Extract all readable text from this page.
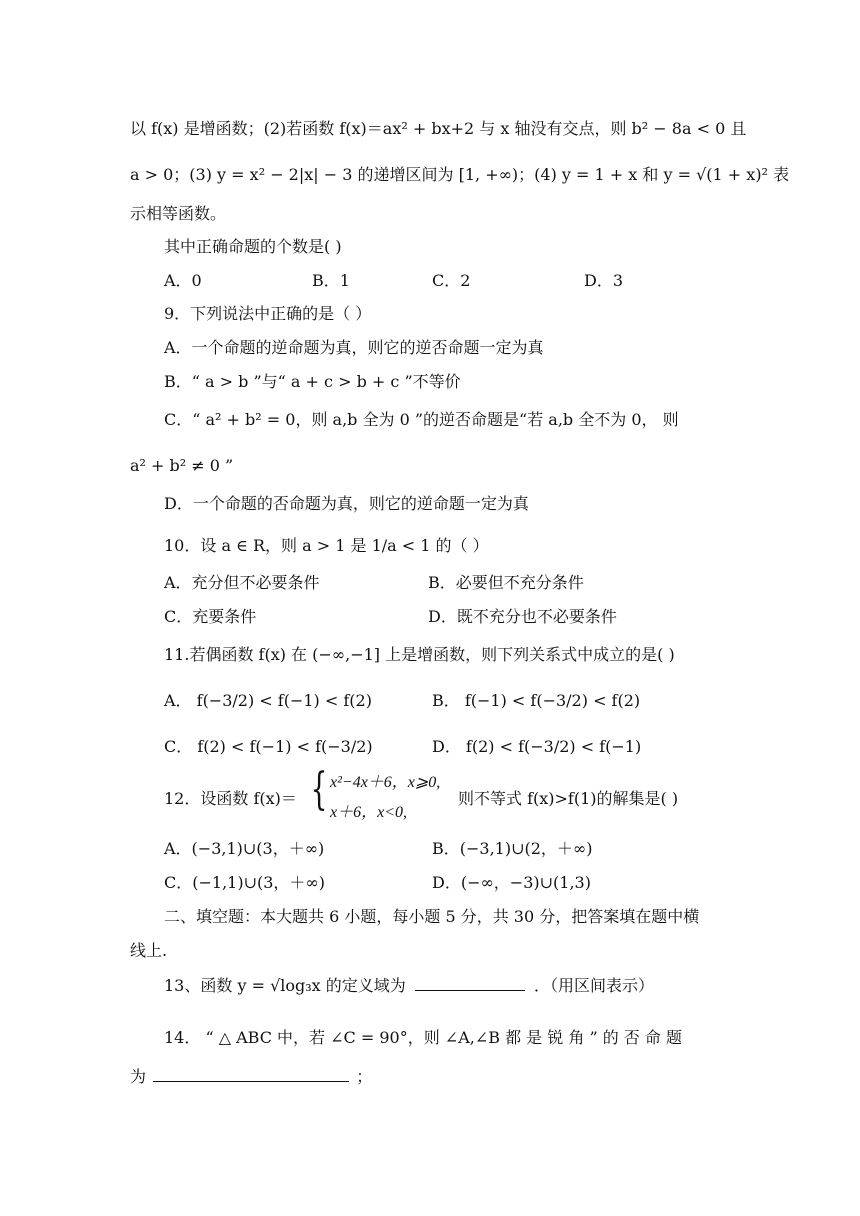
以 f(x) 是增函数；(2)若函数 f(x)＝ax² + bx+2 与 x 轴没有交点，则 b² − 8a < 0 且
a > 0；(3) y = x² − 2|x| − 3 的递增区间为 [1, +∞)；(4) y = 1 + x 和 y = √(1 + x)² 表
示相等函数。
其中正确命题的个数是( )
A．0	B．1	C．2	D．3
9．下列说法中正确的是（ ）
A．一个命题的逆命题为真，则它的逆否命题一定为真
B．“ a > b ”与“ a + c > b + c ”不等价
C．“ a² + b² = 0，则 a,b 全为 0 ”的逆否命题是“若 a,b 全不为 0， 则
a² + b² ≠ 0 ”
D．一个命题的否命题为真，则它的逆命题一定为真
10．设 a ∈ R，则 a > 1 是 1/a < 1 的（ ）
A．充分但不必要条件	B．必要但不充分条件
C．充要条件	D．既不充分也不必要条件
11.若偶函数 f(x) 在 (−∞,−1] 上是增函数，则下列关系式中成立的是( )
A． f(−3/2) < f(−1) < f(2)	B． f(−1) < f(−3/2) < f(2)
C． f(2) < f(−1) < f(−3/2)	D． f(2) < f(−3/2) < f(−1)
12．设函数 f(x)＝ { x²−4x＋6，x⩾0,
x＋6，x<0,
则不等式 f(x)>f(1)的解集是( )
A．(−3,1)∪(3，＋∞)	B．(−3,1)∪(2，＋∞)
C．(−1,1)∪(3，＋∞)	D．(−∞，−3)∪(1,3)
二、填空题：本大题共 6 小题，每小题 5 分，共 30 分，把答案填在题中横
线上.
13、函数 y = √log₃x 的定义域为	．（用区间表示）
14． “ △ ABC 中，若 ∠C = 90°，则 ∠A,∠B 都 是 锐 角 ” 的 否 命 题
为	；
